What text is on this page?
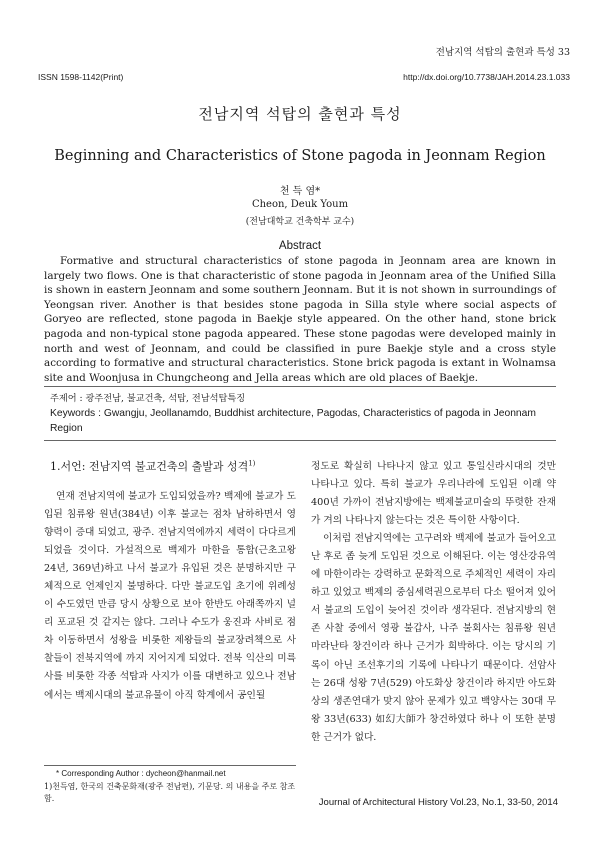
전남지역 석탑의 출현과 특성 33
ISSN 1598-1142(Print)	http://dx.doi.org/10.7738/JAH.2014.23.1.033
전남지역 석탑의 출현과 특성
Beginning and Characteristics of Stone pagoda in Jeonnam Region
천 득 염*
Cheon, Deuk Youm
(전남대학교 건축학부 교수)
Abstract

Formative and structural characteristics of stone pagoda in Jeonnam area are known in largely two flows. One is that characteristic of stone pagoda in Jeonnam area of the Unified Silla is shown in eastern Jeonnam and some southern Jeonnam. But it is not shown in surroundings of Yeongsan river. Another is that besides stone pagoda in Silla style where social aspects of Goryeo are reflected, stone pagoda in Baekje style appeared. On the other hand, stone brick pagoda and non-typical stone pagoda appeared. These stone pagodas were developed mainly in north and west of Jeonnam, and could be classified in pure Baekje style and a cross style according to formative and structural characteristics. Stone brick pagoda is extant in Wolnamsa site and Woonjusa in Chungcheong and Jella areas which are old places of Baekje.

주제어 : 광주전남, 불교건축, 석탑, 전남석탑특징
Keywords : Gwangju, Jeollanamdo, Buddhist architecture, Pagodas, Characteristics of pagoda in Jeonnam Region
1.서언: 전남지역 불교건축의 출발과 성격$^{1)}$

연재 전남지역에 불교가 도입되었을까? 백제에 불교가 도입된 침류왕 원년(384년) 이후 불교는 점차 남하하면서 영향력이 증대 되었고, 광주. 전남지역에까지 세력이 다다르게 되었을 것이다. 가설적으로 백제가 마한을 통합(근초고왕 24년, 369년)하고 나서 불교가 유입된 것은 분명하지만 구체적으로 언제인지 불명하다. 다만 불교도입 초기에 위례성이 수도였던 만큼 당시 상황으로 보아 한반도 아래쪽까지 널리 포교된 것 같지는 않다. 그러나 수도가 웅진과 사비로 점차 이동하면서 성왕을 비롯한 제왕들의 불교장려책으로 사찰들이 전북지역에 까지 지어지게 되었다. 전북 익산의 미륵사를 비롯한 각종 석탑과 사지가 이를 대변하고 있으나 전남에서는 백제시대의 불교유물이 아직 학계에서 공인될

정도로 확실히 나타나지 않고 있고 통일신라시대의 것만 나타나고 있다. 특히 불교가 우리나라에 도입된 이래 약 400년 가까이 전남지방에는 백제불교미술의 뚜렷한 잔재가 겨의 나타나지 않는다는 것은 특이한 사항이다.

이처럼 전남지역에는 고구려와 백제에 불교가 들어오고 난 후로 좀 늦게 도입된 것으로 이해된다. 이는 영산강유역에 마한이라는 강력하고 문화적으로 주체적인 세력이 자리하고 있었고 백제의 중심세력권으로부터 다소 떨어져 있어서 불교의 도입이 늦어진 것이라 생각된다. 전남지방의 현존 사찰 중에서 영광 불갑사, 나주 불회사는 침류왕 원년 마라난타 창건이라 하나 근거가 희박하다. 이는 당시의 기록이 아닌 조선후기의 기록에 나타나기 때문이다. 선암사는 26대 성왕 7년(529) 아도화상 창건이라 하지만 아도화상의 생존연대가 맞지 않아 문제가 있고 백양사는 30대 무왕 33년(633) 如幻大師가 창건하였다 하나 이 또한 분명한 근거가 없다.

* Corresponding Author : dycheon@hanmail.net
1)천득염, 한국의 건축문화재(광주 전남편), 기문당. 의 내용을 주로 참조함.	Journal of Architectural History Vol.23, No.1, 33-50, 2014
